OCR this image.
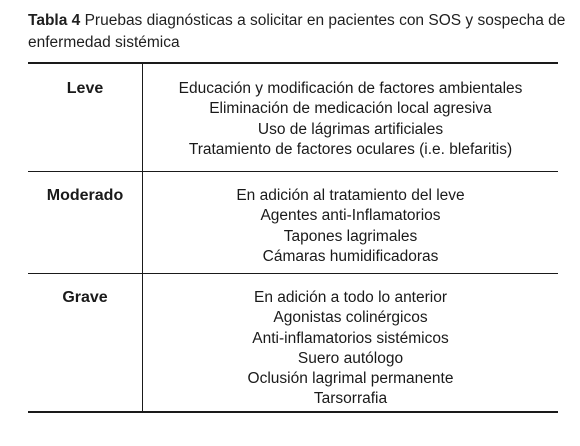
Tabla 4 Pruebas diagnósticas a solicitar en pacientes con SOS y sospecha de enfermedad sistémica
Leve	Educación y modificación de factores ambientales
Eliminación de medicación local agresiva
Uso de lágrimas artificiales
Tratamiento de factores oculares (i.e. blefaritis)
Moderado	En adición al tratamiento del leve
Agentes anti-Inflamatorios
Tapones lagrimales
Cámaras humidificadoras
Grave	En adición a todo lo anterior
Agonistas colinérgicos
Anti-inflamatorios sistémicos
Suero autólogo
Oclusión lagrimal permanente
Tarsorrafia
